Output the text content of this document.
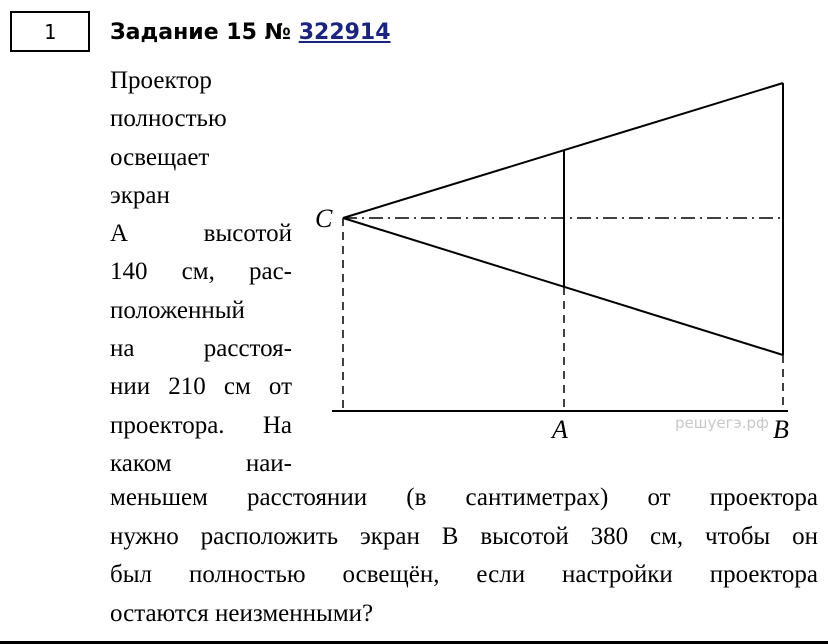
1 Задание 15 № 322914
Проектор
полностью
освещает
экран
А высотой
140 см, рас-
положенный
на расстоя-
нии 210 см от
проектора. На
каком наи-
меньшем расстоянии (в сантиметрах) от проектора
нужно расположить экран B высотой 380 см, чтобы он
был полностью освещён, если настройки проектора
остаются неизменными?
решуегэ.рф
C
A	B
